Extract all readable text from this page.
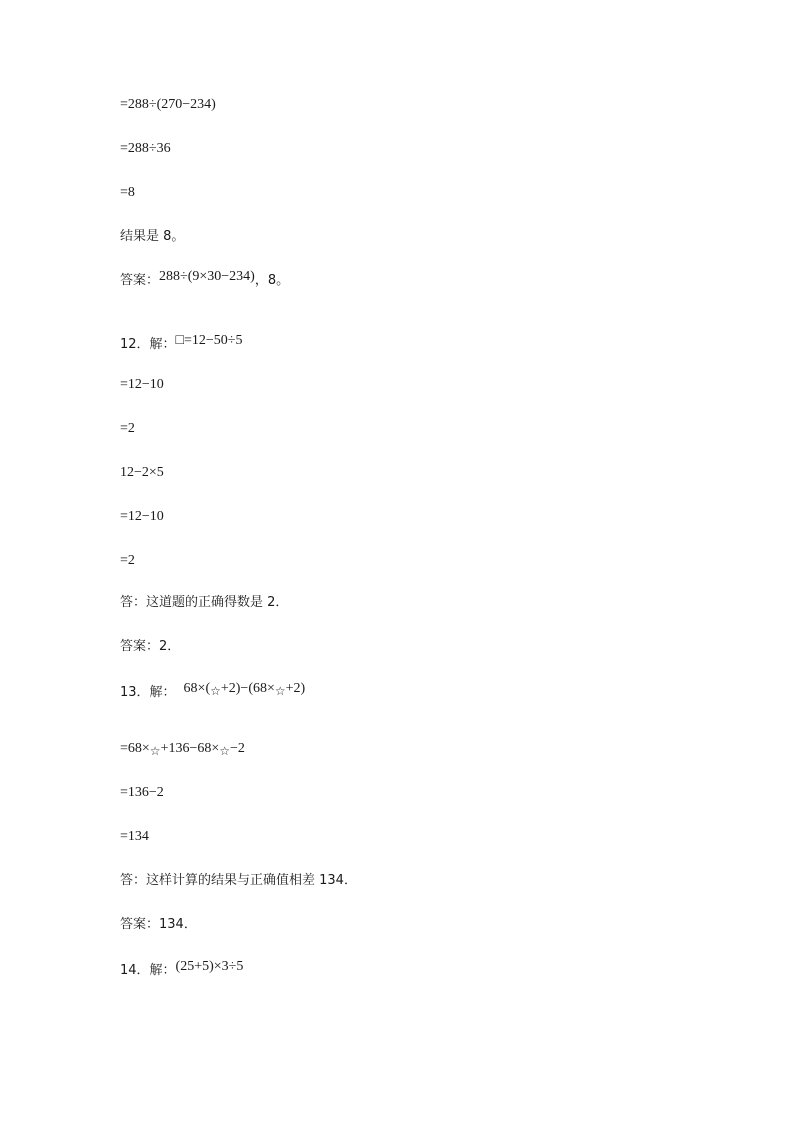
=288÷(270−234)
=288÷36
=8
结果是 8。
答案：288÷(9×30−234)，8。
12．解：□=12−50÷5
=12−10
=2
12−2×5
=12−10
=2
答：这道题的正确得数是 2．
答案：2．
13．解： 68×(☆+2)−(68×☆+2)
=68×☆+136−68×☆−2
=136−2
=134
答：这样计算的结果与正确值相差 134．
答案：134．
14．解：(25+5)×3÷5
